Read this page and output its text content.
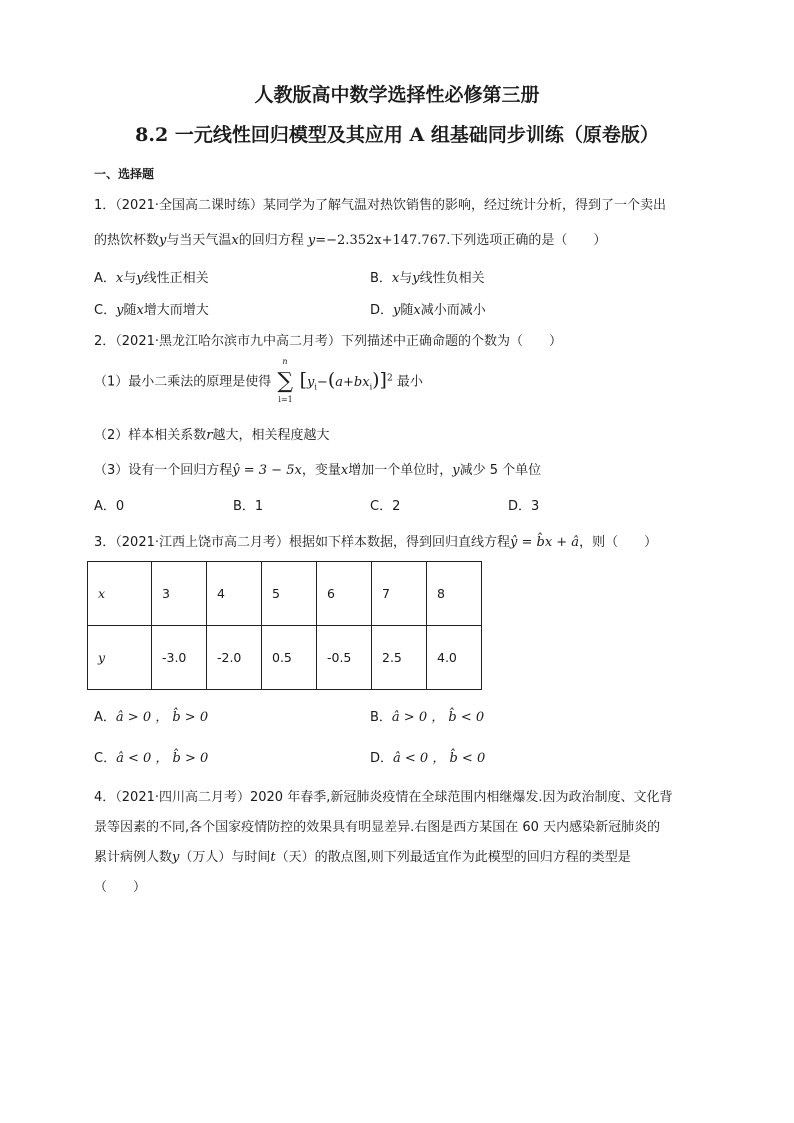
人教版高中数学选择性必修第三册
8.2 一元线性回归模型及其应用 A 组基础同步训练（原卷版）
一、选择题
1．（2021·全国高二课时练）某同学为了解气温对热饮销售的影响，经过统计分析，得到了一个卖出
的热饮杯数y与当天气温x的回归方程 y=−2.352x+147.767.下列选项正确的是（　　）
A．x与y线性正相关	B．x与y线性负相关
C．y随x增大而增大	D．y随x减小而减小
2．（2021·黑龙江哈尔滨市九中高二月考）下列描述中正确命题的个数为（　　）
（1）最小二乘法的原理是使得 ∑
n
i=1
$[y_i-(a+bx_i)]^2$ 最小
（2）样本相关系数r越大，相关程度越大
（3）设有一个回归方程ŷ = 3 − 5x，变量x增加一个单位时，y减少 5 个单位
A．0	B．1	C．2	D．3
3．（2021·江西上饶市高二月考）根据如下样本数据，得到回归直线方程ŷ = b̂x + â，则（　　）
x	3	4	5	6	7	8
y	-3.0	-2.0	0.5	-0.5	2.5	4.0
A．â > 0 ， b̂ > 0	B．â > 0 ， b̂ < 0
C．â < 0 ， b̂ > 0	D．â < 0 ， b̂ < 0
4．（2021·四川高二月考）2020 年春季,新冠肺炎疫情在全球范围内相继爆发.因为政治制度、文化背
景等因素的不同,各个国家疫情防控的效果具有明显差异.右图是西方某国在 60 天内感染新冠肺炎的
累计病例人数y（万人）与时间t（天）的散点图,则下列最适宜作为此模型的回归方程的类型是
（　　）
